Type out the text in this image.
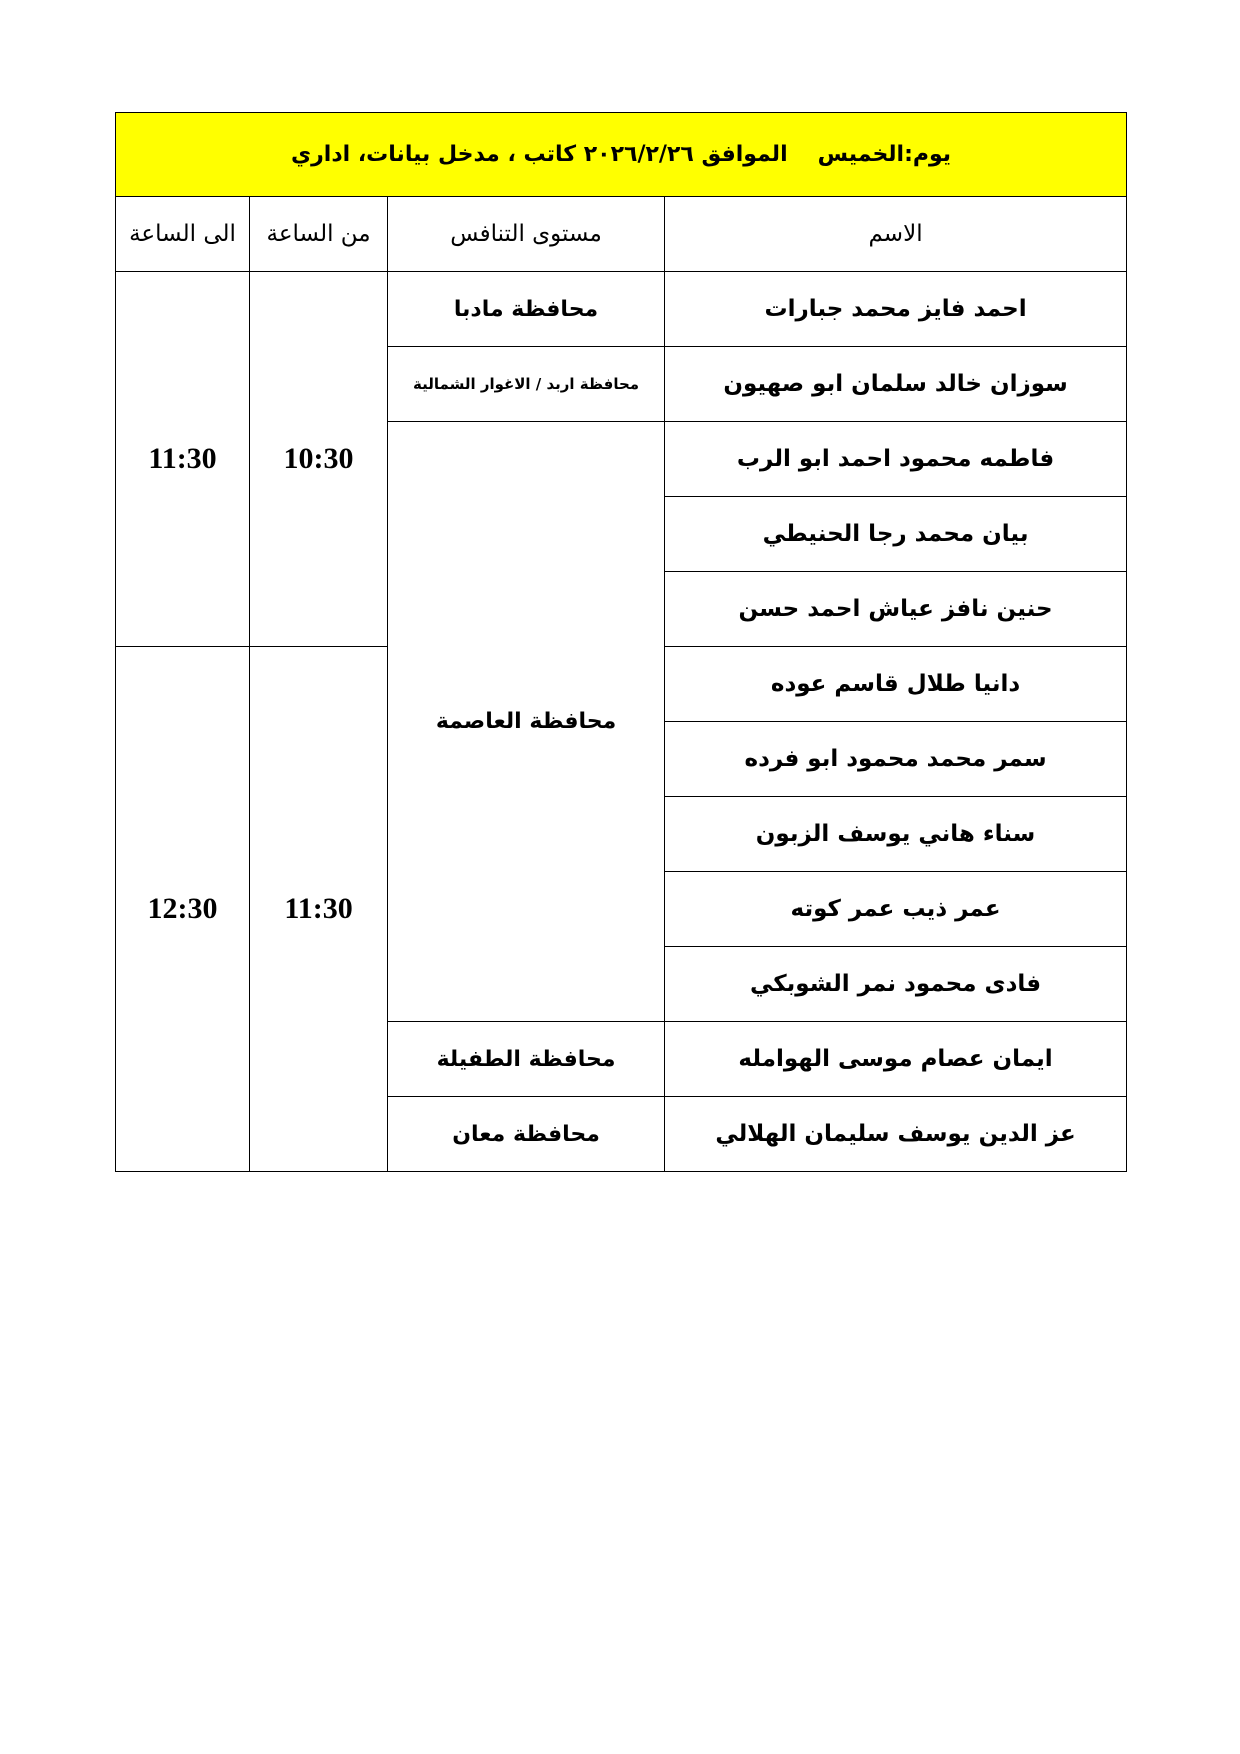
يوم:الخميس
الموافق ٢٠٢٦/٢/٢٦ كاتب ، مدخل بيانات، اداري			

الاسم	مستوى التنافس	من الساعة	الى الساعة
احمد فايز محمد جبارات	محافظة مادبا	10:30	11:30
سوزان خالد سلمان ابو صهيون	محافظة اربد / الاغوار الشمالية		
فاطمه محمود احمد ابو الرب	محافظة العاصمة		
بيان محمد رجا الحنيطي			
حنين نافز عياش احمد حسن			
دانيا طلال قاسم عوده		11:30	12:30
سمر محمد محمود ابو فرده			
سناء هاني يوسف الزبون			
عمر ذيب عمر كوته			
فادى محمود نمر الشوبكي			
ايمان عصام موسى الهوامله	محافظة الطفيلة		
عز الدين يوسف سليمان الهلالي	محافظة معان		
